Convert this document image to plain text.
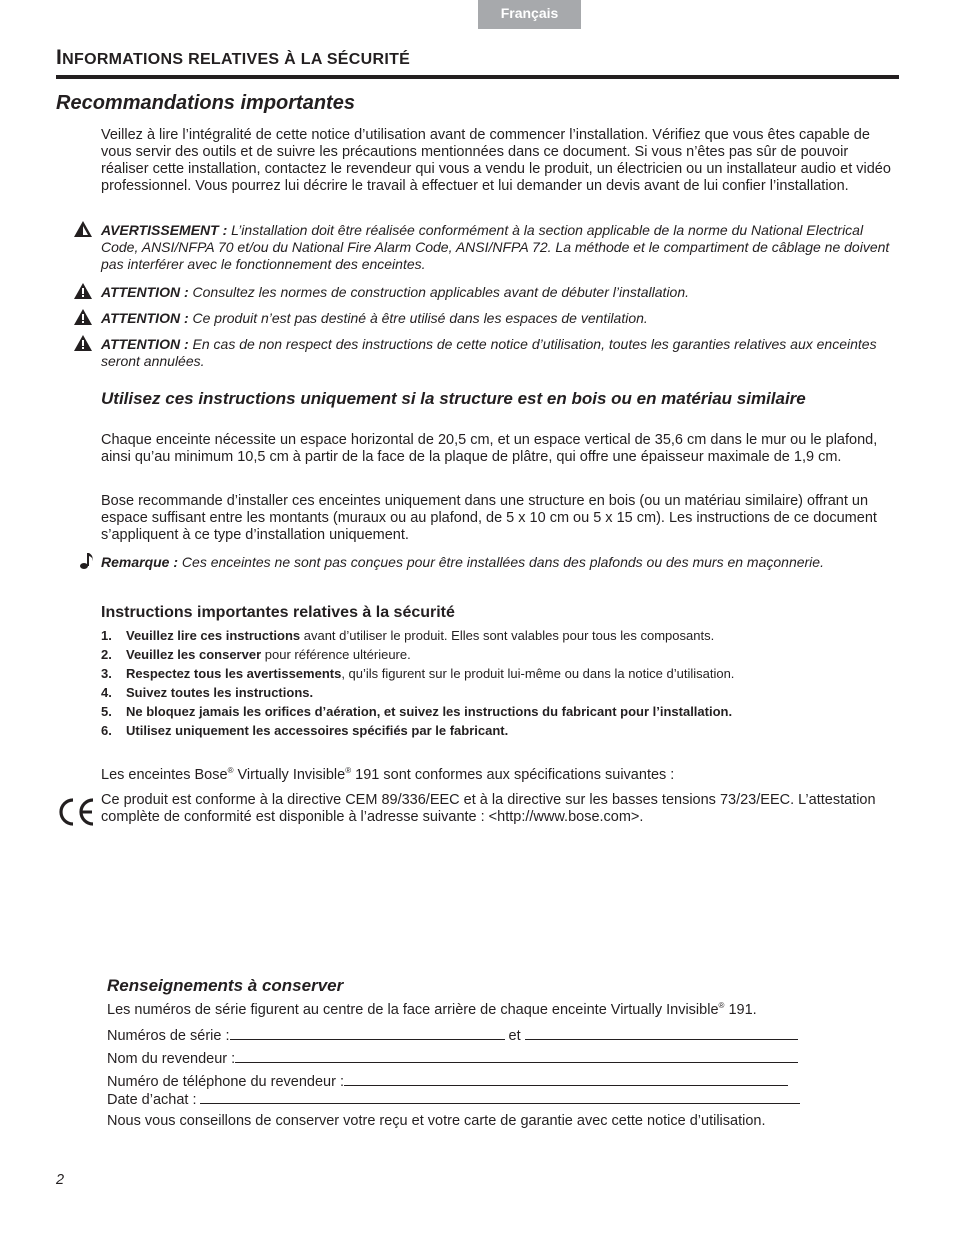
Français
INFORMATIONS RELATIVES À LA SÉCURITÉ
Recommandations importantes

Veillez à lire l’intégralité de cette notice d’utilisation avant de commencer l’installation. Vérifiez que vous êtes capable de vous servir des outils et de suivre les précautions mentionnées dans ce document. Si vous n’êtes pas sûr de pouvoir réaliser cette installation, contactez le revendeur qui vous a vendu le produit, un électricien ou un installateur audio et vidéo professionnel. Vous pourrez lui décrire le travail à effectuer et lui demander un devis avant de lui confier l’installation.

AVERTISSEMENT : L’installation doit être réalisée conformément à la section applicable de la norme du National Electrical Code, ANSI/NFPA 70 et/ou du National Fire Alarm Code, ANSI/NFPA 72. La méthode et le compartiment de câblage ne doivent pas interférer avec le fonctionnement des enceintes.

ATTENTION : Consultez les normes de construction applicables avant de débuter l’installation.

ATTENTION : Ce produit n’est pas destiné à être utilisé dans les espaces de ventilation.

ATTENTION : En cas de non respect des instructions de cette notice d’utilisation, toutes les garanties relatives aux enceintes seront annulées.

Utilisez ces instructions uniquement si la structure est en bois ou en matériau similaire

Chaque enceinte nécessite un espace horizontal de 20,5 cm, et un espace vertical de 35,6 cm dans le mur ou le plafond, ainsi qu’au minimum 10,5 cm à partir de la face de la plaque de plâtre, qui offre une épaisseur maximale de 1,9 cm.

Bose recommande d’installer ces enceintes uniquement dans une structure en bois (ou un matériau similaire) offrant un espace suffisant entre les montants (muraux ou au plafond, de 5 x 10 cm ou 5 x 15 cm). Les instructions de ce document s’appliquent à ce type d’installation uniquement.

Remarque : Ces enceintes ne sont pas conçues pour être installées dans des plafonds ou des murs en maçonnerie.

Instructions importantes relatives à la sécurité
1. Veuillez lire ces instructions avant d’utiliser le produit. Elles sont valables pour tous les composants.
2. Veuillez les conserver pour référence ultérieure.
3. Respectez tous les avertissements, qu’ils figurent sur le produit lui-même ou dans la notice d’utilisation.
4. Suivez toutes les instructions.
5. Ne bloquez jamais les orifices d’aération, et suivez les instructions du fabricant pour l’installation.
6. Utilisez uniquement les accessoires spécifiés par le fabricant.

Les enceintes Bose® Virtually Invisible® 191 sont conformes aux spécifications suivantes :

Ce produit est conforme à la directive CEM 89/336/EEC et à la directive sur les basses tensions 73/23/EEC. L’attestation complète de conformité est disponible à l’adresse suivante : <http://www.bose.com>.

Renseignements à conserver

Les numéros de série figurent au centre de la face arrière de chaque enceinte Virtually Invisible® 191.

Numéros de série :	et

Nom du revendeur :

Numéro de téléphone du revendeur :

Date d’achat :

Nous vous conseillons de conserver votre reçu et votre carte de garantie avec cette notice d’utilisation.

2
